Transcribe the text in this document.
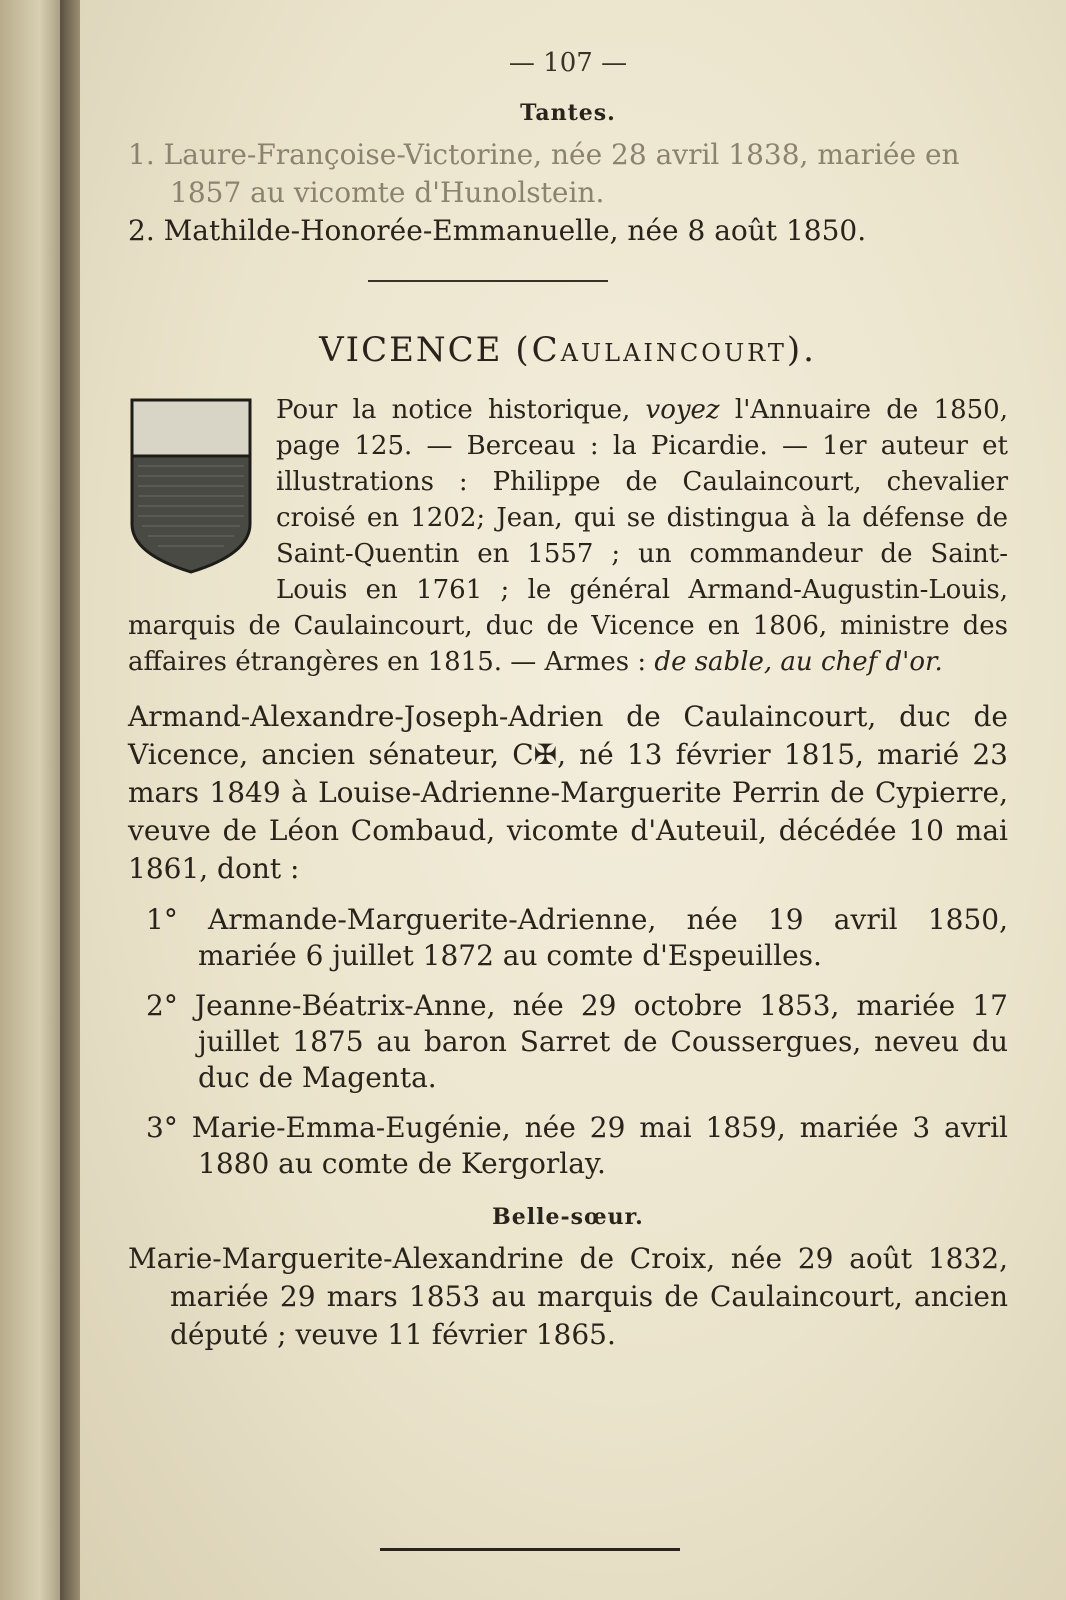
— 107 —
Tantes.

1. Laure-Françoise-Victorine, née 28 avril 1838, mariée en 1857 au vicomte d'Hunolstein.

2. Mathilde-Honorée-Emmanuelle, née 8 août 1850.

VICENCE (Caulaincourt).
Pour la notice historique, voyez l'Annuaire de 1850, page 125. — Berceau : la Picardie. — 1er auteur et illustrations : Philippe de Caulaincourt, chevalier croisé en 1202; Jean, qui se distingua à la défense de Saint-Quentin en 1557 ; un commandeur de Saint-Louis en 1761 ; le général Armand-Augustin-Louis, marquis de Caulaincourt, duc de Vicence en 1806, ministre des affaires étrangères en 1815. — Armes : de sable, au chef d'or.

Armand-Alexandre-Joseph-Adrien de Caulaincourt, duc de Vicence, ancien sénateur, C✠, né 13 février 1815, marié 23 mars 1849 à Louise-Adrienne-Marguerite Perrin de Cypierre, veuve de Léon Combaud, vicomte d'Auteuil, décédée 10 mai 1861, dont :

1° Armande-Marguerite-Adrienne, née 19 avril 1850, mariée 6 juillet 1872 au comte d'Espeuilles.

2° Jeanne-Béatrix-Anne, née 29 octobre 1853, mariée 17 juillet 1875 au baron Sarret de Coussergues, neveu du duc de Magenta.

3° Marie-Emma-Eugénie, née 29 mai 1859, mariée 3 avril 1880 au comte de Kergorlay.

Belle-sœur.

Marie-Marguerite-Alexandrine de Croix, née 29 août 1832, mariée 29 mars 1853 au marquis de Caulaincourt, ancien député ; veuve 11 février 1865.
